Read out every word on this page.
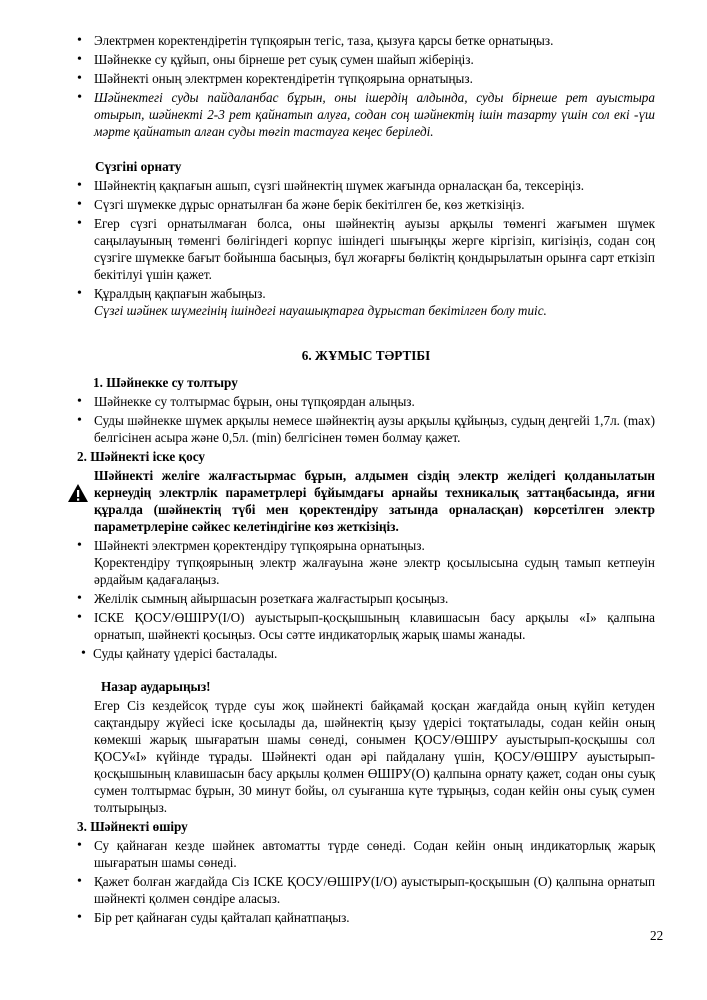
• Электрмен коректендіретін түпқоярын тегіс, таза, қызуға қарсы бетке орнатыңыз.

• Шәйнекке су құйып, оны бірнеше рет суық сумен шайып жіберіңіз.

• Шәйнекті оның электрмен коректендіретін түпқоярына орнатыңыз.

• Шәйнектегі суды пайдаланбас бұрын, оны ішердің алдында, суды бірнеше рет ауыстыра отырып, шәйнекті 2-3 рет қайнатып алуға, содан соң шәйнектің ішін тазарту үшін сол екі -үш мәрте қайнатып алған суды төгіп тастауға кеңес беріледі.

Сүзгіні орнату

• Шәйнектің қақпағын ашып, сүзгі шәйнектің шүмек жағында орналасқан ба, тексеріңіз.

• Сүзгі шүмекке дұрыс орнатылған ба және берік бекітілген бе, көз жеткізіңіз.

• Егер сүзгі орнатылмаған болса, оны шәйнектің ауызы арқылы төменгі жағымен шүмек саңылауының төменгі бөлігіндегі корпус ішіндегі шығыңқы жерге кіргізіп, кигізіңіз, содан соң сүзгіге шүмекке бағыт бойынша басыңыз, бұл жоғарғы бөліктің қондырылатын орынға сарт еткізіп бекітілуі үшін қажет.

• Құралдың қақпағын жабыңыз.

Сүзгі шәйнек шүмегінің ішіндегі науашықтарға дұрыстап бекітілген болу тиіс.

6. ЖҰМЫС ТӘРТІБІ
1. Шәйнекке су толтыру

• Шәйнекке су толтырмас бұрын, оны түпқоярдан алыңыз.

• Суды шәйнекке шүмек арқылы немесе шәйнектің аузы арқылы құйыңыз, судың деңгейі 1,7л. (max) белгісінен асыра және 0,5л. (min) белгісінен төмен болмау қажет.

2. Шәйнекті іске қосу
Шәйнекті желіге жалғастырмас бұрын, алдымен сіздің электр желідегі қолданылатын кернеудің электрлік параметрлері бұйымдағы арнайы техникалық заттаңбасында, яғни құралда (шәйнектің түбі мен қоректендіру затында орналасқан) көрсетілген электр параметрлеріне сәйкес келетіндігіне көз жеткізіңіз.

• Шәйнекті электрмен қоректендіру түпқоярына орнатыңыз.

Қоректендіру түпқоярының электр жалғауына және электр қосылысына судың тамып кетпеуін әрдайым қадағалаңыз.

• Желілік сымның айыршасын розеткаға жалғастырып қосыңыз.

• ІСКЕ ҚОСУ/ӨШІРУ(I/O) ауыстырып-қосқышының клавишасын басу арқылы «I» қалпына орнатып, шәйнекті қосыңыз. Осы сәтте индикаторлық жарық шамы жанады.

• Суды қайнату үдерісі басталады.

Назар аударыңыз!

Егер Сіз кездейсоқ түрде суы жоқ шәйнекті байқамай қосқан жағдайда оның күйіп кетуден сақтандыру жүйесі іске қосылады да, шәйнектің қызу үдерісі тоқтатылады, содан кейін оның көмекші жарық шығаратын шамы сөнеді, сонымен ҚОСУ/ӨШІРУ ауыстырып-қосқышы сол ҚОСУ«I» күйінде тұрады. Шәйнекті одан әрі пайдалану үшін, ҚОСУ/ӨШІРУ ауыстырып-қосқышының клавишасын басу арқылы қолмен ӨШІРУ(О) қалпына орнату қажет, содан оны суық сумен толтырмас бұрын, 30 минут бойы, ол суығанша күте тұрыңыз, содан кейін оны суық сумен толтырыңыз.

3. Шәйнекті өшіру

• Су қайнаған кезде шәйнек автоматты түрде сөнеді. Содан кейін оның индикаторлық жарық шығаратын шамы сөнеді.

• Қажет болған жағдайда Сіз ІСКЕ ҚОСУ/ӨШІРУ(I/O) ауыстырып-қосқышын (О) қалпына орнатып шәйнекті қолмен сөндіре аласыз.

• Бір рет қайнаған суды қайталап қайнатпаңыз.

22
